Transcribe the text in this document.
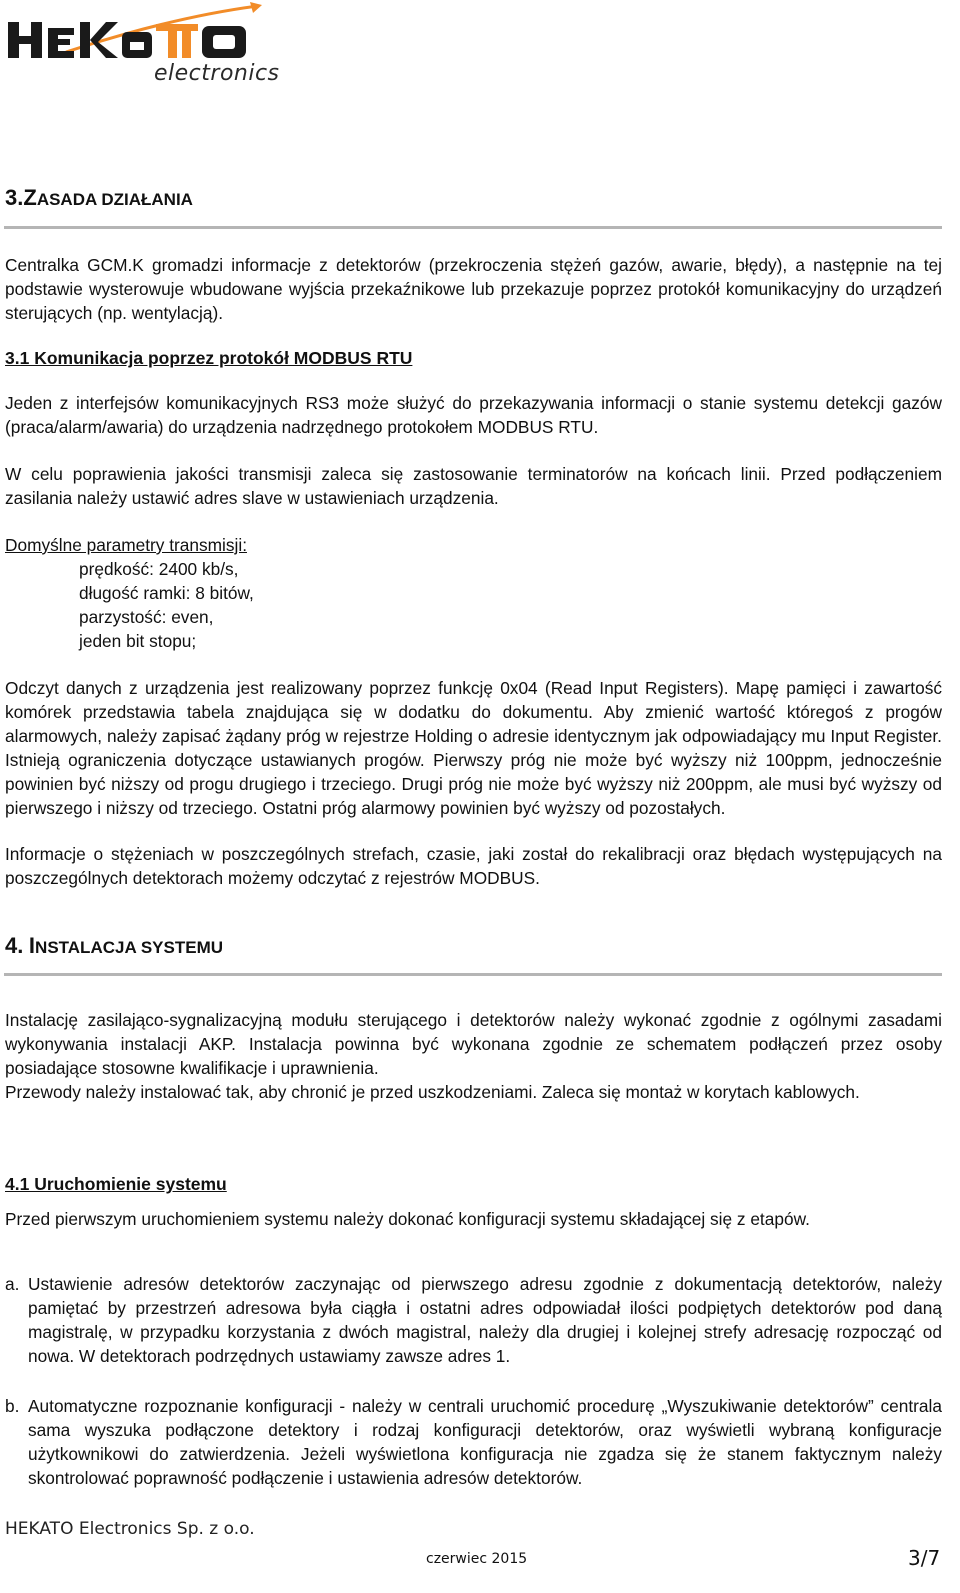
electronics
3.ZASADA DZIAŁANIA

Centralka GCM.K gromadzi informacje z detektorów (przekroczenia stężeń gazów, awarie, błędy), a następnie na tej podstawie wysterowuje wbudowane wyjścia przekaźnikowe lub przekazuje poprzez protokół komunikacyjny do urządzeń sterujących (np. wentylacją).

3.1 Komunikacja poprzez protokół MODBUS RTU

Jeden z interfejsów komunikacyjnych RS3 może służyć do przekazywania informacji o stanie systemu detekcji gazów (praca/alarm/awaria) do urządzenia nadrzędnego protokołem MODBUS RTU.

W celu poprawienia jakości transmisji zaleca się zastosowanie terminatorów na końcach linii. Przed podłączeniem zasilania należy ustawić adres slave w ustawieniach urządzenia.

Domyślne parametry transmisji:
prędkość: 2400 kb/s,
długość ramki: 8 bitów,
parzystość: even,
jeden bit stopu;

Odczyt danych z urządzenia jest realizowany poprzez funkcję 0x04 (Read Input Registers). Mapę pamięci i zawartość komórek przedstawia tabela znajdująca się w dodatku do dokumentu. Aby zmienić wartość któregoś z progów alarmowych, należy zapisać żądany próg w rejestrze Holding o adresie identycznym jak odpowiadający mu Input Register. Istnieją ograniczenia dotyczące ustawianych progów. Pierwszy próg nie może być wyższy niż 100ppm, jednocześnie powinien być niższy od progu drugiego i trzeciego. Drugi próg nie może być wyższy niż 200ppm, ale musi być wyższy od pierwszego i niższy od trzeciego. Ostatni próg alarmowy powinien być wyższy od pozostałych.

Informacje o stężeniach w poszczególnych strefach, czasie, jaki został do rekalibracji oraz błędach występujących na poszczególnych detektorach możemy odczytać z rejestrów MODBUS.

4. INSTALACJA SYSTEMU

Instalację zasilająco-sygnalizacyjną modułu sterującego i detektorów należy wykonać zgodnie z ogólnymi zasadami wykonywania instalacji AKP. Instalacja powinna być wykonana zgodnie ze schematem podłączeń przez osoby posiadające stosowne kwalifikacje i uprawnienia.

Przewody należy instalować tak, aby chronić je przed uszkodzeniami. Zaleca się montaż w korytach kablowych.

4.1 Uruchomienie systemu

Przed pierwszym uruchomieniem systemu należy dokonać konfiguracji systemu składającej się z etapów.

a. Ustawienie adresów detektorów zaczynając od pierwszego adresu zgodnie z dokumentacją detektorów, należy pamiętać by przestrzeń adresowa była ciągła i ostatni adres odpowiadał ilości podpiętych detektorów pod daną magistralę, w przypadku korzystania z dwóch magistral, należy dla drugiej i kolejnej strefy adresację rozpocząć od nowa. W detektorach podrzędnych ustawiamy zawsze adres 1.
b. Automatyczne rozpoznanie konfiguracji - należy w centrali uruchomić procedurę „Wyszukiwanie detektorów” centrala sama wyszuka podłączone detektory i rodzaj konfiguracji detektorów, oraz wyświetli wybraną konfiguracje użytkownikowi do zatwierdzenia. Jeżeli wyświetlona konfiguracja nie zgadza się że stanem faktycznym należy skontrolować poprawność podłączenie i ustawienia adresów detektorów.
HEKATO Electronics Sp. z o.o.
czerwiec 2015	3/7
